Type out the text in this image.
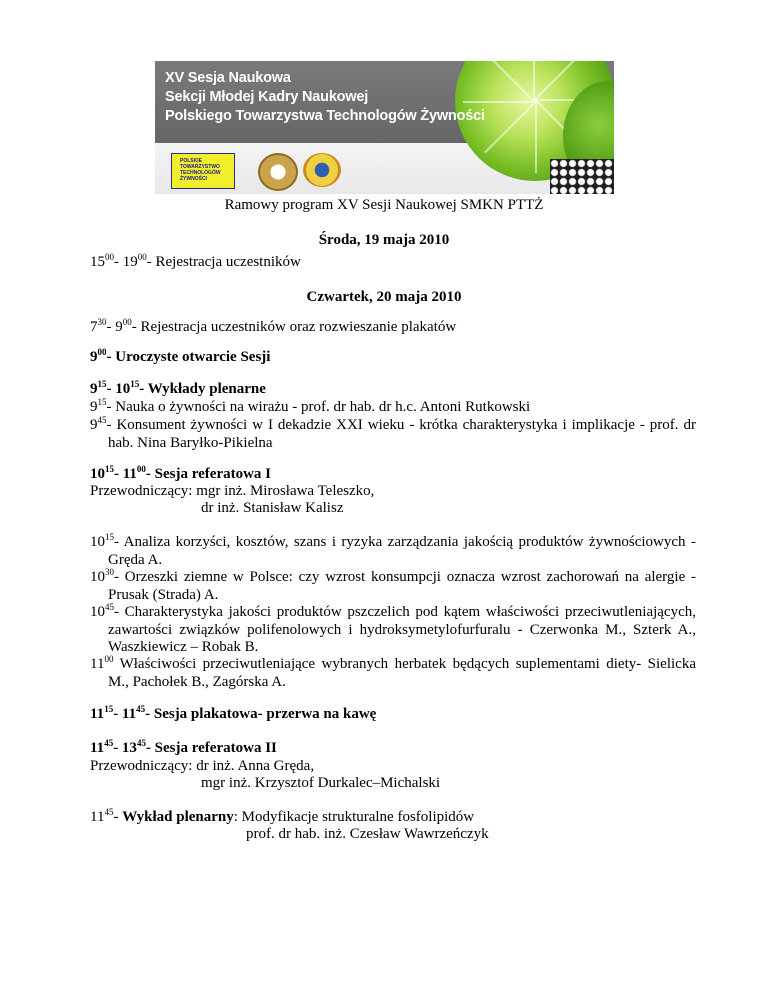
XV Sesja Naukowa
Sekcji Młodej Kadry Naukowej
Polskiego Towarzystwa Technologów Żywności
POLSKIE TOWARZYSTWO TECHNOLOGÓW ŻYWNOŚCI
Ramowy program XV Sesji Naukowej SMKN PTTŻ
Środa, 19 maja 2010
$15^{00}-$ $19^{00}-$ Rejestracja uczestników
Czwartek, 20 maja 2010
$7^{30}-$ $9^{00}-$ Rejestracja uczestników oraz rozwieszanie plakatów
$9^{00}-$ Uroczyste otwarcie Sesji
$9^{15}-$ $10^{15}-$ Wykłady plenarne
$9^{15}-$ Nauka o żywności na wirażu - prof. dr hab. dr h.c. Antoni Rutkowski
$9^{45}-$ Konsument żywności w I dekadzie XXI wieku - krótka charakterystyka i implikacje - prof. dr hab. Nina Baryłko-Pikielna
$10^{15}-$ $11^{00}-$ Sesja referatowa I
Przewodniczący: mgr inż. Mirosława Teleszko,
dr inż. Stanisław Kalisz
$10^{15}-$ Analiza korzyści, kosztów, szans i ryzyka zarządzania jakością produktów żywnościowych - Gręda A.
$10^{30}-$ Orzeszki ziemne w Polsce: czy wzrost konsumpcji oznacza wzrost zachorowań na alergie - Prusak (Strada) A.
$10^{45}-$ Charakterystyka jakości produktów pszczelich pod kątem właściwości przeciwutleniających, zawartości związków polifenolowych i hydroksymetylofurfuralu - Czerwonka M., Szterk A., Waszkiewicz – Robak B.
$11^{00}$ Właściwości przeciwutleniające wybranych herbatek będących suplementami diety- Sielicka M., Pachołek B., Zagórska A.
$11^{15}-$ $11^{45}-$ Sesja plakatowa- przerwa na kawę
$11^{45}-$ $13^{45}-$ Sesja referatowa II
Przewodniczący: dr inż. Anna Gręda,
mgr inż. Krzysztof Durkalec–Michalski
$11^{45}-$ Wykład plenarny: Modyfikacje strukturalne fosfolipidów
prof. dr hab. inż. Czesław Wawrzeńczyk
